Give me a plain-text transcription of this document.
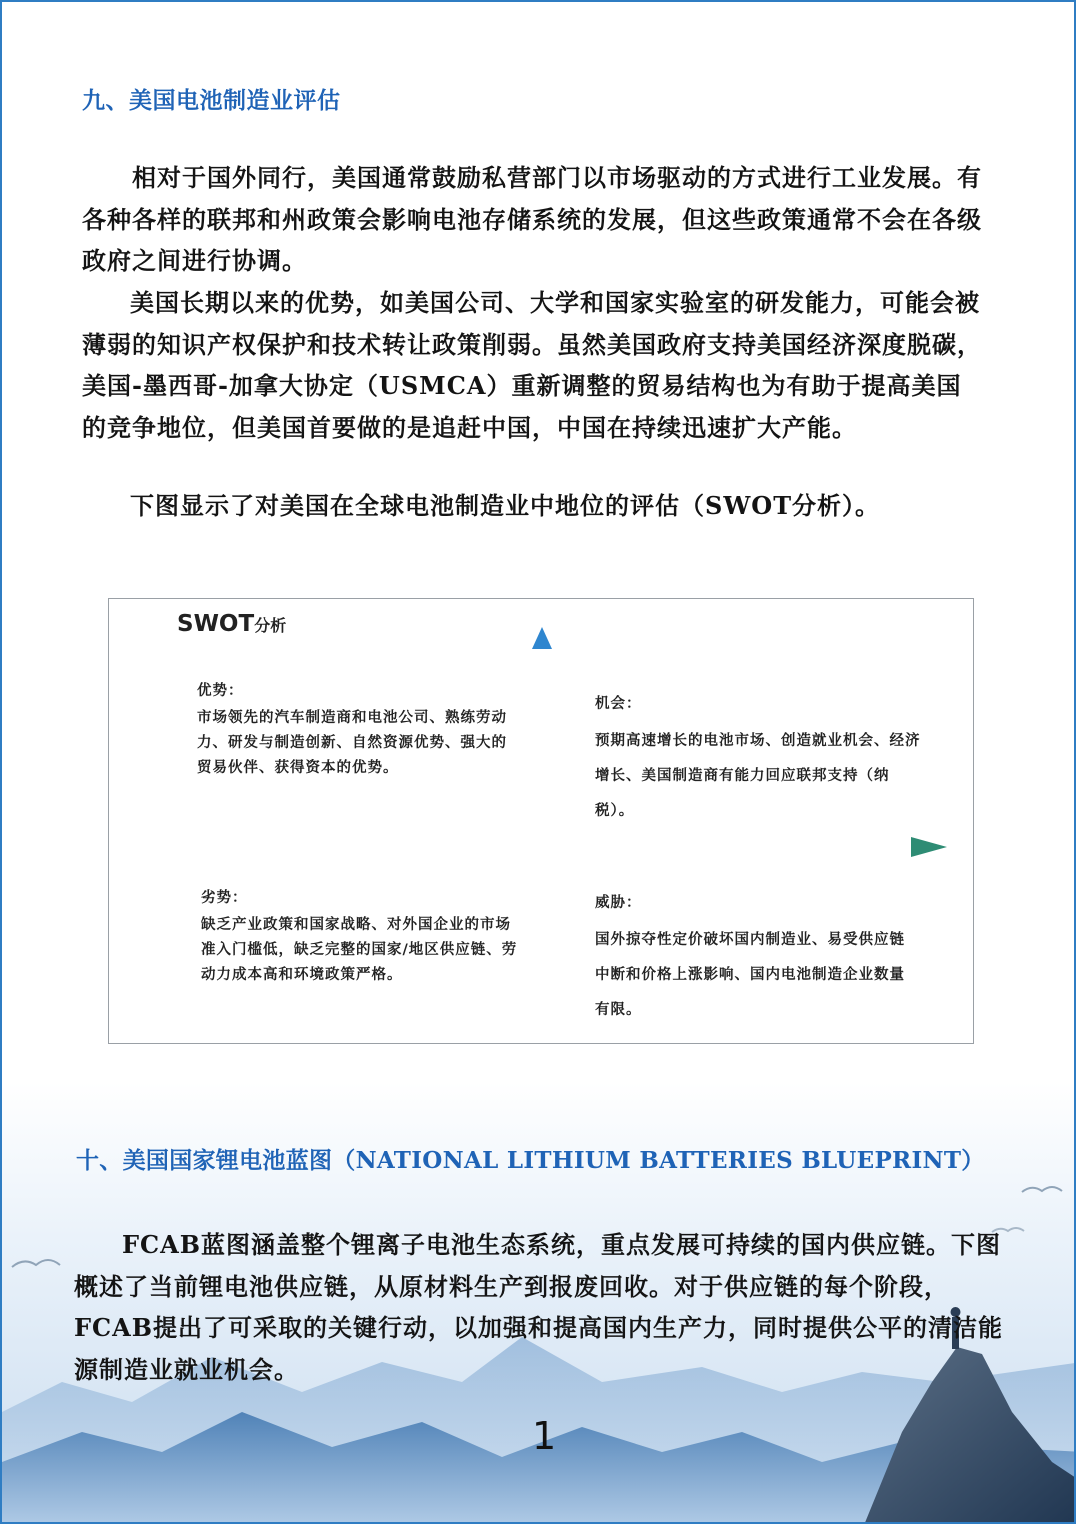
九、美国电池制造业评估
相对于国外同行，美国通常鼓励私营部门以市场驱动的方式进行工业发展。有各种各样的联邦和州政策会影响电池存储系统的发展，但这些政策通常不会在各级政府之间进行协调。
美国长期以来的优势，如美国公司、大学和国家实验室的研发能力，可能会被薄弱的知识产权保护和技术转让政策削弱。虽然美国政府支持美国经济深度脱碳，美国-墨西哥-加拿大协定（USMCA）重新调整的贸易结构也为有助于提高美国的竞争地位，但美国首要做的是追赶中国，中国在持续迅速扩大产能。
下图显示了对美国在全球电池制造业中地位的评估（SWOT分析）。
SWOT分析
优势：
市场领先的汽车制造商和电池公司、熟练劳动力、研发与制造创新、自然资源优势、强大的贸易伙伴、获得资本的优势。
机会：
预期高速增长的电池市场、创造就业机会、经济增长、美国制造商有能力回应联邦支持（纳税）。
劣势：
缺乏产业政策和国家战略、对外国企业的市场准入门槛低，缺乏完整的国家/地区供应链、劳动力成本高和环境政策严格。
威胁：
国外掠夺性定价破坏国内制造业、易受供应链中断和价格上涨影响、国内电池制造企业数量有限。
十、美国国家锂电池蓝图（NATIONAL LITHIUM BATTERIES BLUEPRINT）
FCAB蓝图涵盖整个锂离子电池生态系统，重点发展可持续的国内供应链。下图概述了当前锂电池供应链，从原材料生产到报废回收。对于供应链的每个阶段，FCAB提出了可采取的关键行动，以加强和提高国内生产力，同时提供公平的清洁能源制造业就业机会。
1
